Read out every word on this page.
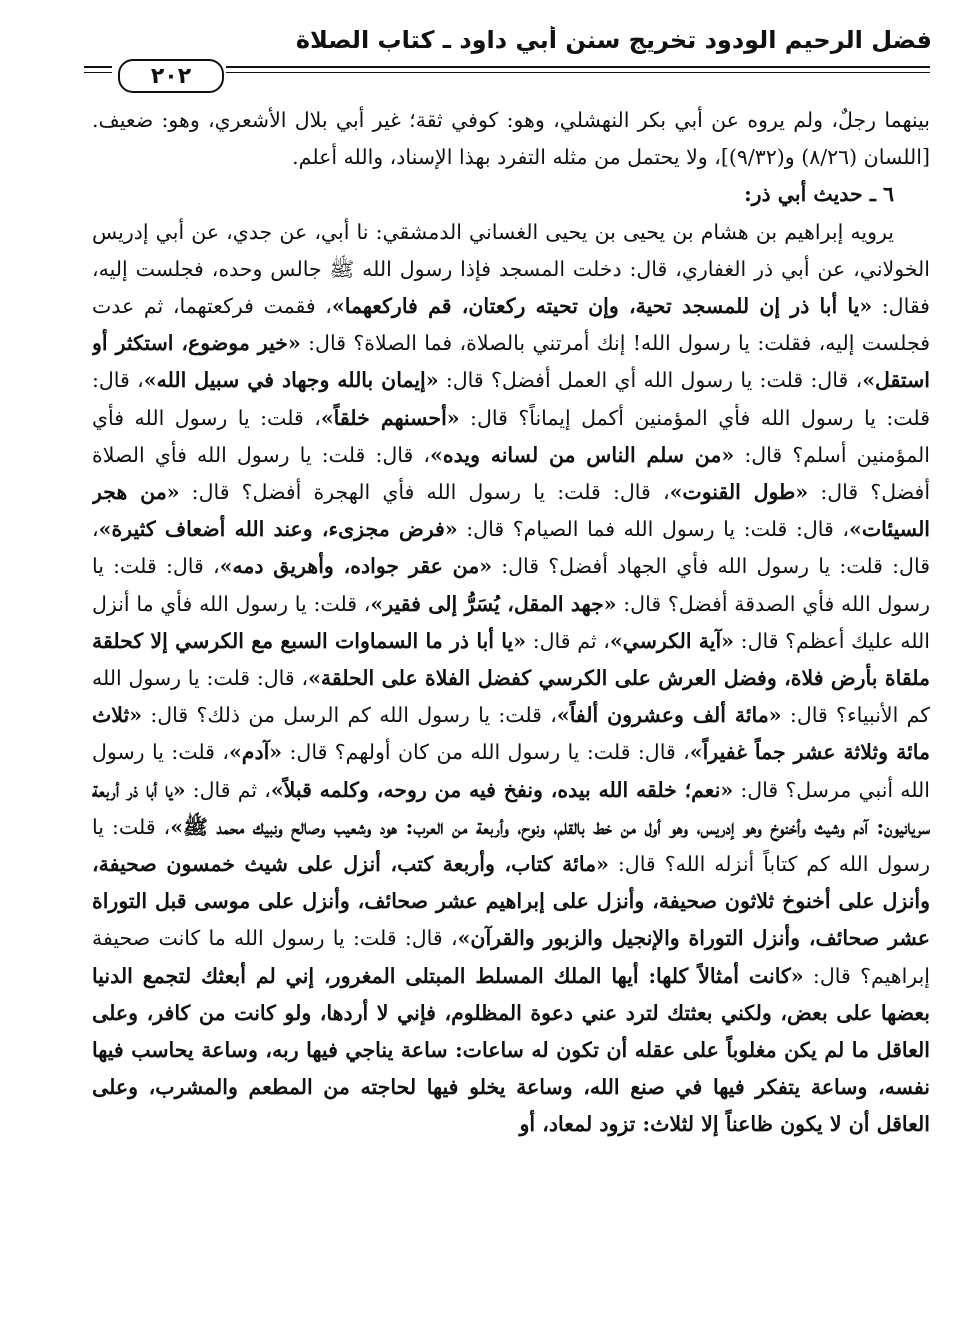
فضل الرحيم الودود تخريج سنن أبي داود ـ كتاب الصلاة
٢٠٢

بينهما رجلٌ، ولم يروه عن أبي بكر النهشلي، وهو: كوفي ثقة؛ غير أبي بلال الأشعري، وهو: ضعيف. [اللسان (٨/٢٦) و(٩/٣٢)]، ولا يحتمل من مثله التفرد بهذا الإسناد، والله أعلم.

٦ ـ حديث أبي ذر:

يرويه إبراهيم بن هشام بن يحيى بن يحيى الغساني الدمشقي: نا أبي، عن جدي، عن أبي إدريس الخولاني، عن أبي ذر الغفاري، قال: دخلت المسجد فإذا رسول الله ﷺ جالس وحده، فجلست إليه، فقال: «يا أبا ذر إن للمسجد تحية، وإن تحيته ركعتان، قم فاركعهما»، فقمت فركعتهما، ثم عدت فجلست إليه، فقلت: يا رسول الله! إنك أمرتني بالصلاة، فما الصلاة؟ قال: «خير موضوع، استكثر أو استقل»، قال: قلت: يا رسول الله أي العمل أفضل؟ قال: «إيمان بالله وجهاد في سبيل الله»، قال: قلت: يا رسول الله فأي المؤمنين أكمل إيماناً؟ قال: «أحسنهم خلقاً»، قلت: يا رسول الله فأي المؤمنين أسلم؟ قال: «من سلم الناس من لسانه ويده»، قال: قلت: يا رسول الله فأي الصلاة أفضل؟ قال: «طول القنوت»، قال: قلت: يا رسول الله فأي الهجرة أفضل؟ قال: «من هجر السيئات»، قال: قلت: يا رسول الله فما الصيام؟ قال: «فرض مجزىء، وعند الله أضعاف كثيرة»، قال: قلت: يا رسول الله فأي الجهاد أفضل؟ قال: «من عقر جواده، وأهريق دمه»، قال: قلت: يا رسول الله فأي الصدقة أفضل؟ قال: «جهد المقل، يُسَرُّ إلى فقير»، قلت: يا رسول الله فأي ما أنزل الله عليك أعظم؟ قال: «آية الكرسي»، ثم قال: «يا أبا ذر ما السماوات السبع مع الكرسي إلا كحلقة ملقاة بأرض فلاة، وفضل العرش على الكرسي كفضل الفلاة على الحلقة»، قال: قلت: يا رسول الله كم الأنبياء؟ قال: «مائة ألف وعشرون ألفاً»، قلت: يا رسول الله كم الرسل من ذلك؟ قال: «ثلاث مائة وثلاثة عشر جماً غفيراً»، قال: قلت: يا رسول الله من كان أولهم؟ قال: «آدم»، قلت: يا رسول الله أنبي مرسل؟ قال: «نعم؛ خلقه الله بيده، ونفخ فيه من روحه، وكلمه قبلاً»، ثم قال: «يا أبا ذر أربعة سريانيون: آدم وشيث وأخنوخ وهو إدريس، وهو أول من خط بالقلم، ونوح، وأربعة من العرب: هود وشعيب وصالح ونبيك محمد ﷺ»، قلت: يا رسول الله كم كتاباً أنزله الله؟ قال: «مائة كتاب، وأربعة كتب، أنزل على شيث خمسون صحيفة، وأنزل على أخنوخ ثلاثون صحيفة، وأنزل على إبراهيم عشر صحائف، وأنزل على موسى قبل التوراة عشر صحائف، وأنزل التوراة والإنجيل والزبور والقرآن»، قال: قلت: يا رسول الله ما كانت صحيفة إبراهيم؟ قال: «كانت أمثالاً كلها: أيها الملك المسلط المبتلى المغرور، إني لم أبعثك لتجمع الدنيا بعضها على بعض، ولكني بعثتك لترد عني دعوة المظلوم، فإني لا أردها، ولو كانت من كافر، وعلى العاقل ما لم يكن مغلوباً على عقله أن تكون له ساعات: ساعة يناجي فيها ربه، وساعة يحاسب فيها نفسه، وساعة يتفكر فيها في صنع الله، وساعة يخلو فيها لحاجته من المطعم والمشرب، وعلى العاقل أن لا يكون ظاعناً إلا لثلاث: تزود لمعاد، أو
